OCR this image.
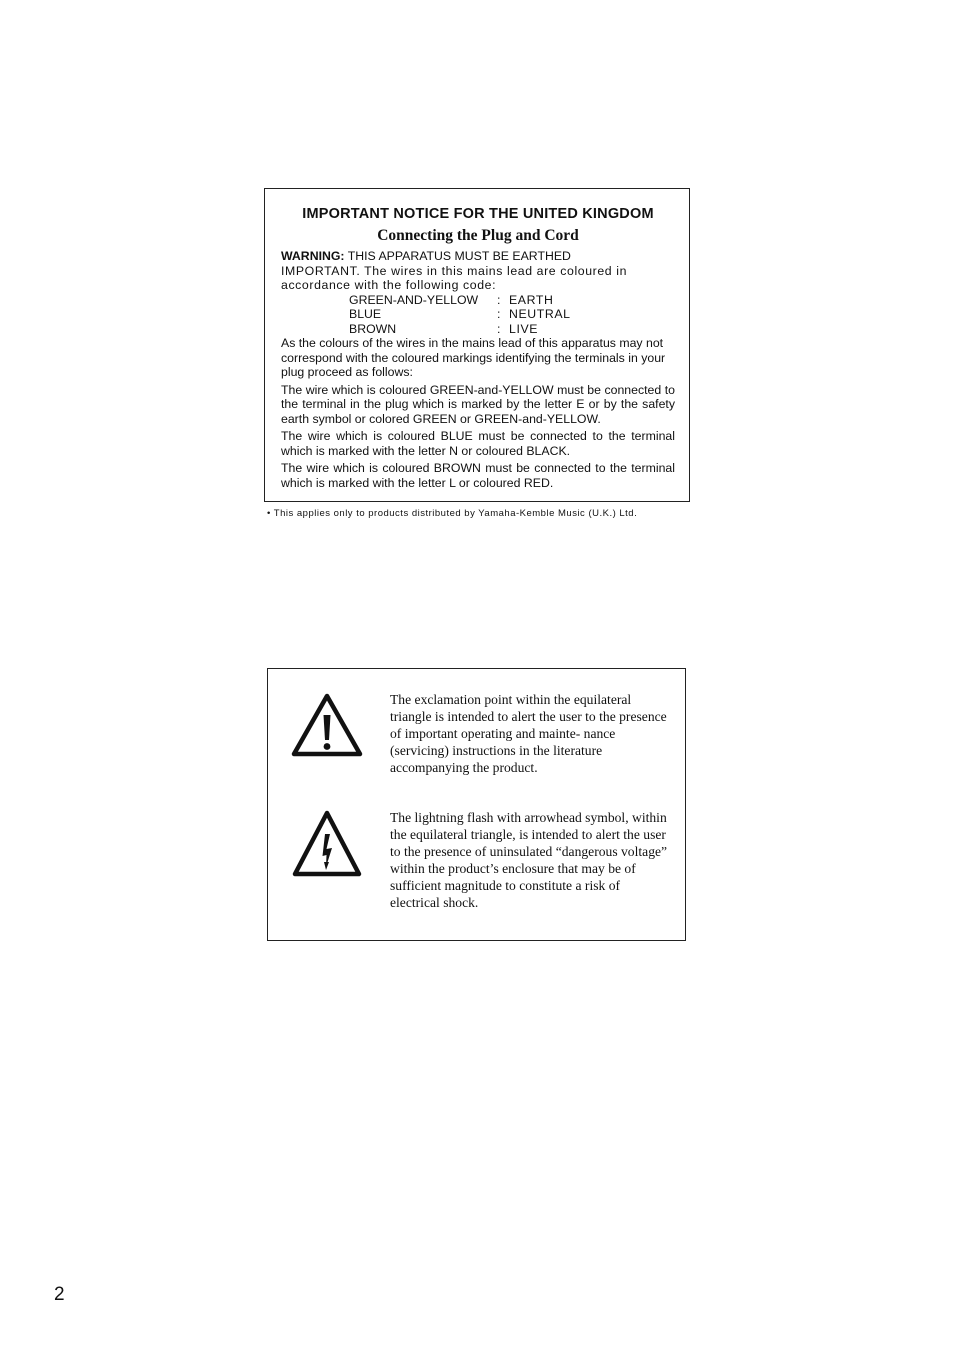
IMPORTANT NOTICE FOR THE UNITED KINGDOM
Connecting the Plug and Cord

WARNING: THIS APPARATUS MUST BE EARTHED

IMPORTANT. The wires in this mains lead are coloured in accordance with the following code:

GREEN-AND-YELLOW	:	EARTH
BLUE	:	NEUTRAL
BROWN	:	LIVE

As the colours of the wires in the mains lead of this apparatus may not correspond with the coloured markings identifying the terminals in your plug proceed as follows:

The wire which is coloured GREEN-and-YELLOW must be connected to the terminal in the plug which is marked by the letter E or by the safety earth symbol or colored GREEN or GREEN-and-YELLOW.

The wire which is coloured BLUE must be connected to the terminal which is marked with the letter N or coloured BLACK.

The wire which is coloured BROWN must be connected to the terminal which is marked with the letter L or coloured RED.

• This applies only to products distributed by Yamaha-Kemble Music (U.K.) Ltd.
The exclamation point within the equilateral triangle is intended to alert the user to the presence of important operating and mainte- nance (servicing) instructions in the literature accompanying the product.
The lightning flash with arrowhead symbol, within the equilateral triangle, is intended to alert the user to the presence of uninsulated “dangerous voltage” within the product’s enclosure that may be of sufficient magnitude to constitute a risk of electrical shock.
2
